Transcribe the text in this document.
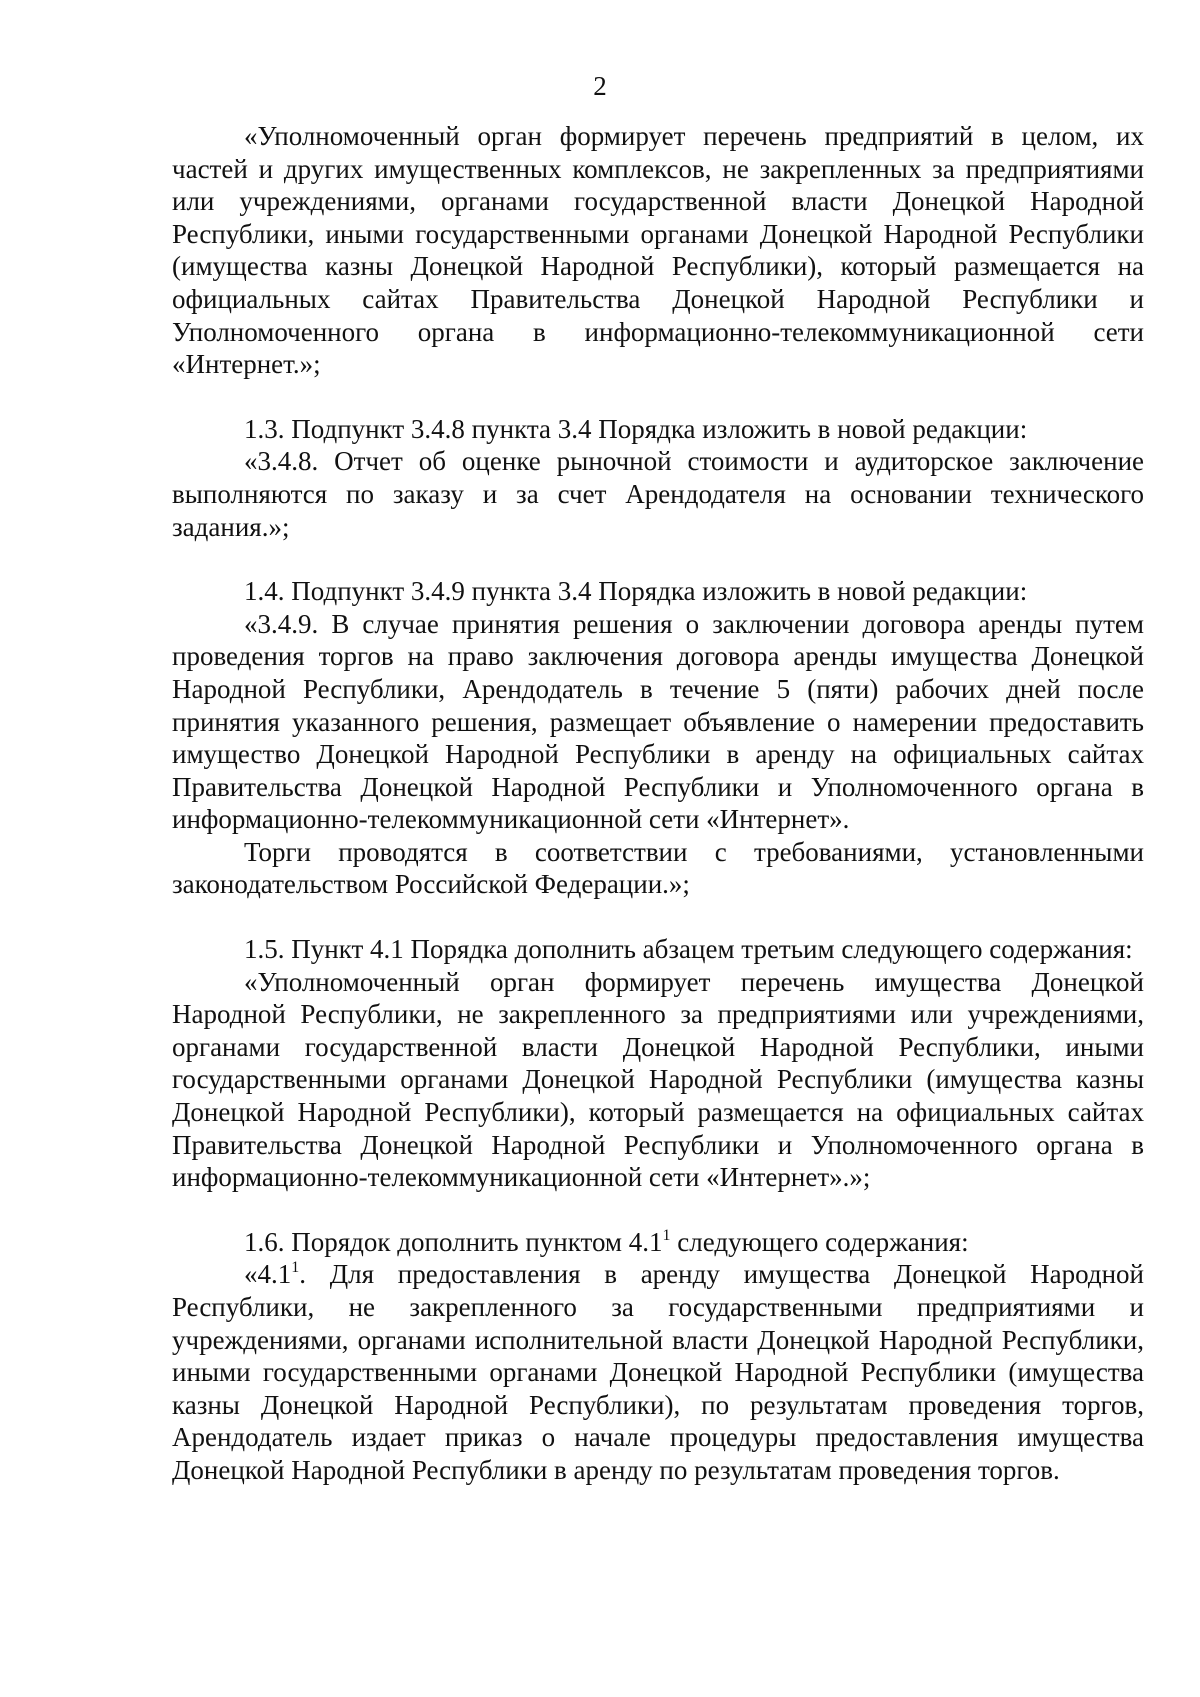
2

«Уполномоченный орган формирует перечень предприятий в целом, их частей и других имущественных комплексов, не закрепленных за предприятиями или учреждениями, органами государственной власти Донецкой Народной Республики, иными государственными органами Донецкой Народной Республики (имущества казны Донецкой Народной Республики), который размещается на официальных сайтах Правительства Донецкой Народной Республики и Уполномоченного органа в информационно-телекоммуникационной сети «Интернет.»;

1.3. Подпункт 3.4.8 пункта 3.4 Порядка изложить в новой редакции:

«3.4.8. Отчет об оценке рыночной стоимости и аудиторское заключение выполняются по заказу и за счет Арендодателя на основании технического задания.»;

1.4. Подпункт 3.4.9 пункта 3.4 Порядка изложить в новой редакции:

«3.4.9. В случае принятия решения о заключении договора аренды путем проведения торгов на право заключения договора аренды имущества Донецкой Народной Республики, Арендодатель в течение 5 (пяти) рабочих дней после принятия указанного решения, размещает объявление о намерении предоставить имущество Донецкой Народной Республики в аренду на официальных сайтах Правительства Донецкой Народной Республики и Уполномоченного органа в информационно-телекоммуникационной сети «Интернет».

Торги проводятся в соответствии с требованиями, установленными законодательством Российской Федерации.»;

1.5. Пункт 4.1 Порядка дополнить абзацем третьим следующего содержания:

«Уполномоченный орган формирует перечень имущества Донецкой Народной Республики, не закрепленного за предприятиями или учреждениями, органами государственной власти Донецкой Народной Республики, иными государственными органами Донецкой Народной Республики (имущества казны Донецкой Народной Республики), который размещается на официальных сайтах Правительства Донецкой Народной Республики и Уполномоченного органа в информационно-телекоммуникационной сети «Интернет».»;

1.6. Порядок дополнить пунктом $4.1^1$ следующего содержания:

«$4.1^1$. Для предоставления в аренду имущества Донецкой Народной Республики, не закрепленного за государственными предприятиями и учреждениями, органами исполнительной власти Донецкой Народной Республики, иными государственными органами Донецкой Народной Республики (имущества казны Донецкой Народной Республики), по результатам проведения торгов, Арендодатель издает приказ о начале процедуры предоставления имущества Донецкой Народной Республики в аренду по результатам проведения торгов.
